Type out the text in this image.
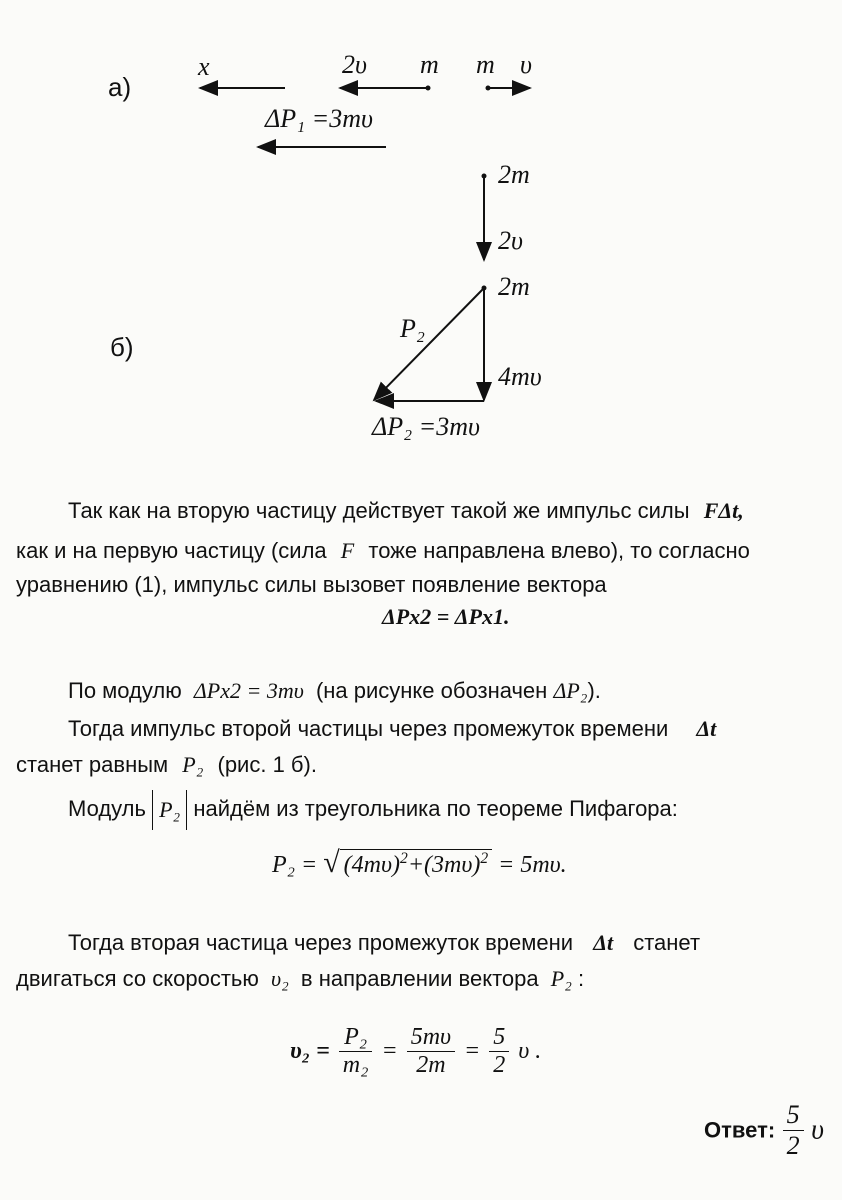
а)
x	2υ m m υ
ΔP₁ =3mυ
б)
2m
2υ
2m
P₂
4mυ
ΔP₂ =3mυ
Так как на вторую частицу действует такой же импульс силы FΔt,
как и на первую частицу (сила F тоже направлена влево), то согласно
уравнению (1), импульс силы вызовет появление вектора
ΔPx2 = ΔPx1.
По модулю ΔPx2 = 3mυ (на рисунке обозначен ΔP₂).
Тогда импульс второй частицы через промежуток времени Δt
станет равным P₂ (рис. 1 б).
Модуль P₂ найдём из треугольника по теореме Пифагора:
P₂ = √ $(4m\upsilon)^2+(3m\upsilon)^2 = 5m\upsilon$.
Тогда вторая частица через промежуток времени Δt станет
двигаться со скоростью υ₂ в направлении вектора P₂ :
$\upsilon_2 = \frac{\text{P₂}}{\text{m₂}} = \frac{5m\upsilon}{2m} = \frac{5}{2}$ υ .
Ответ: $\frac{5}{2}$ υ
